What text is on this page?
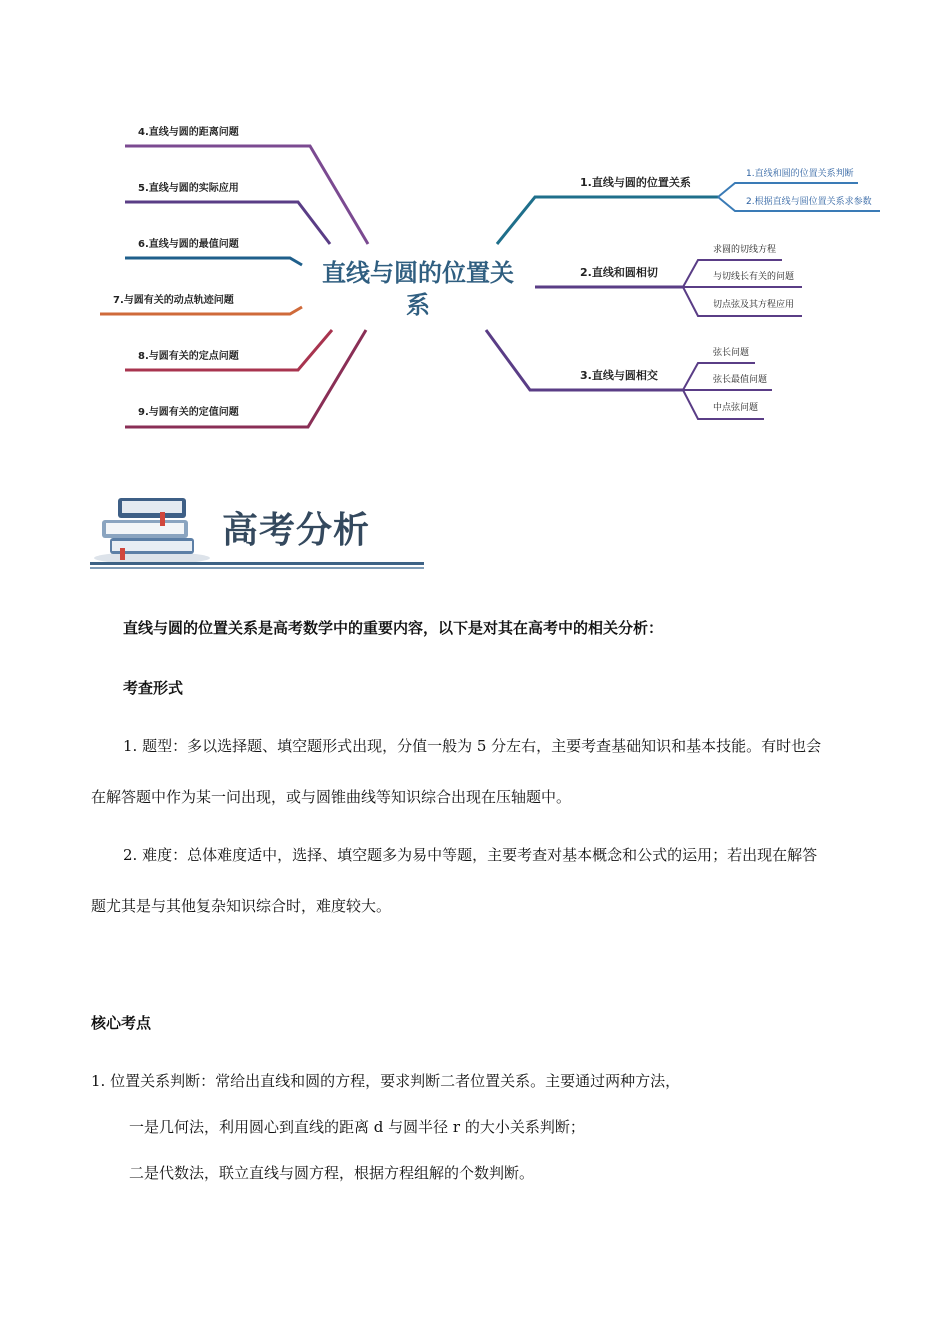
4.直线与圆的距离问题
5.直线与圆的实际应用
6.直线与圆的最值问题
7.与圆有关的动点轨迹问题
8.与圆有关的定点问题
9.与圆有关的定值问题
直线与圆的位置关
系
1.直线与圆的位置关系
1.直线和圆的位置关系判断
2.根据直线与圆位置关系求参数
2.直线和圆相切
求圆的切线方程
与切线长有关的问题
切点弦及其方程应用
3.直线与圆相交
弦长问题
弦长最值问题
中点弦问题
高考分析
直线与圆的位置关系是高考数学中的重要内容，以下是对其在高考中的相关分析：
考查形式
1. 题型：多以选择题、填空题形式出现，分值一般为 5 分左右，主要考查基础知识和基本技能。有时也会
在解答题中作为某一问出现，或与圆锥曲线等知识综合出现在压轴题中。
2. 难度：总体难度适中，选择、填空题多为易中等题，主要考查对基本概念和公式的运用；若出现在解答
题尤其是与其他复杂知识综合时，难度较大。
核心考点
1. 位置关系判断：常给出直线和圆的方程，要求判断二者位置关系。主要通过两种方法，
一是几何法，利用圆心到直线的距离 d 与圆半径 r 的大小关系判断；
二是代数法，联立直线与圆方程，根据方程组解的个数判断。
